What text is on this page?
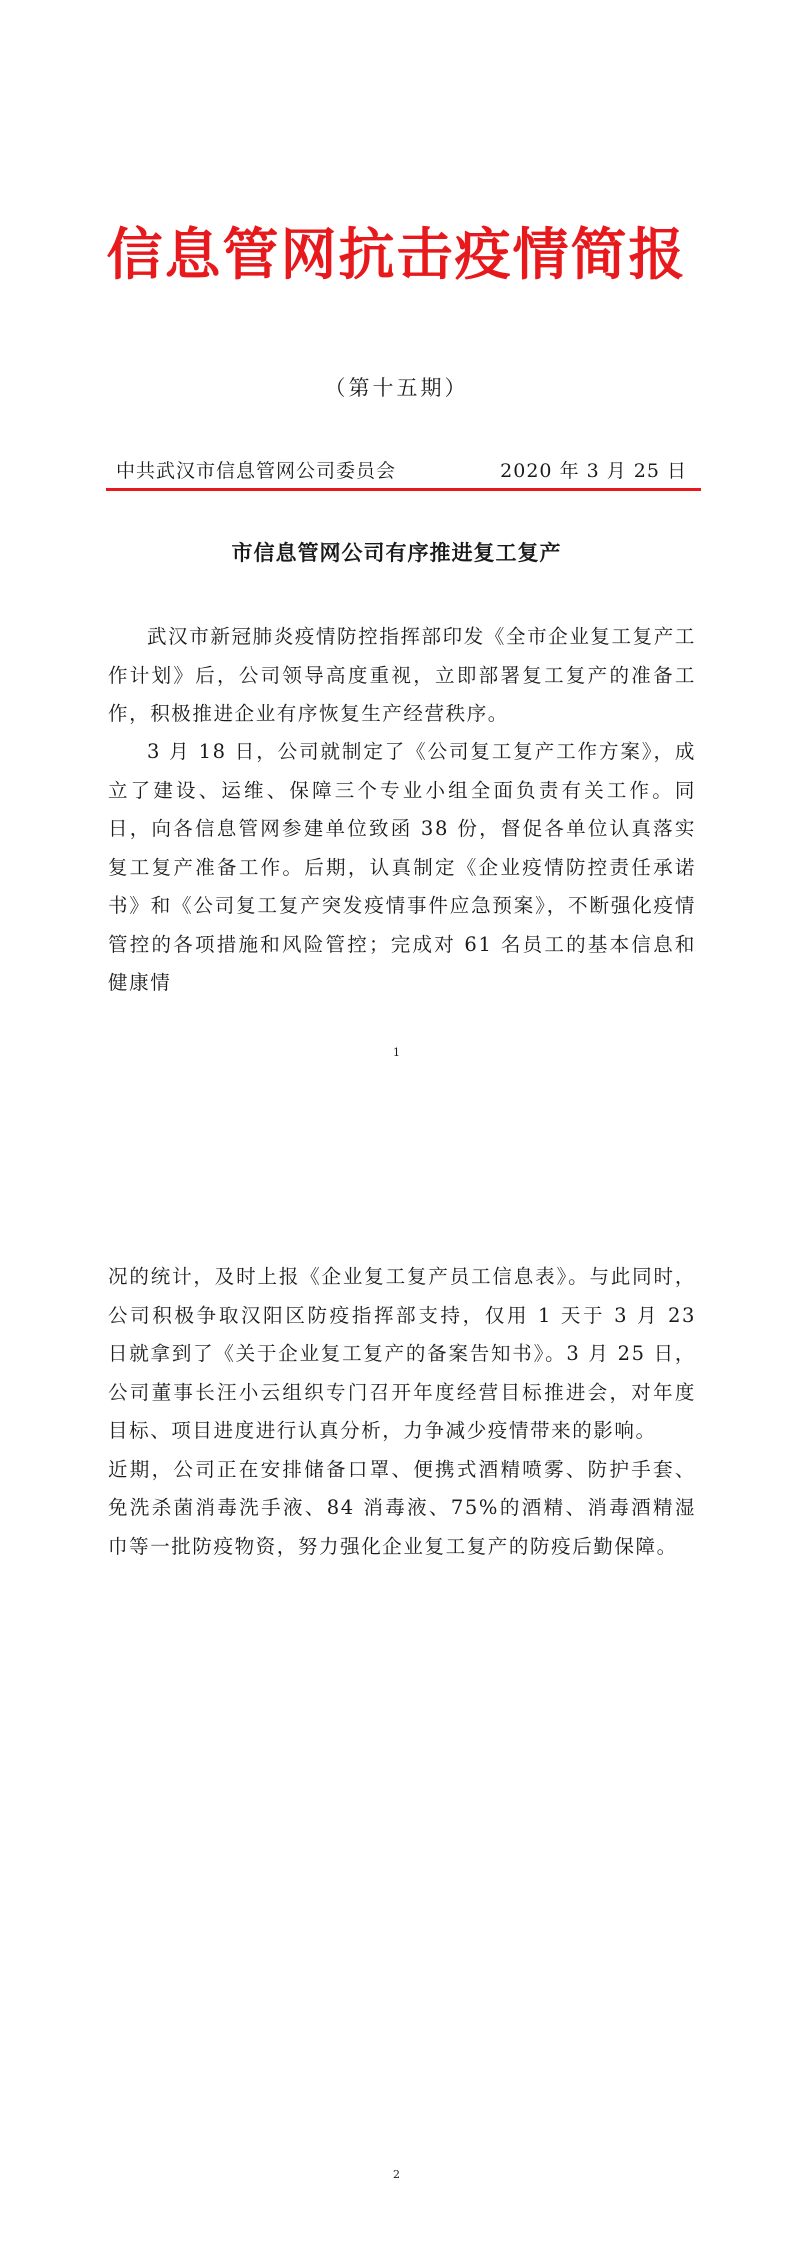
信息管网抗击疫情简报
（第十五期）
中共武汉市信息管网公司委员会	2020 年 3 月 25 日
市信息管网公司有序推进复工复产

武汉市新冠肺炎疫情防控指挥部印发《全市企业复工复产工作计划》后，公司领导高度重视，立即部署复工复产的准备工作，积极推进企业有序恢复生产经营秩序。

3 月 18 日，公司就制定了《公司复工复产工作方案》，成立了建设、运维、保障三个专业小组全面负责有关工作。同日，向各信息管网参建单位致函 38 份，督促各单位认真落实复工复产准备工作。后期，认真制定《企业疫情防控责任承诺书》和《公司复工复产突发疫情事件应急预案》，不断强化疫情管控的各项措施和风险管控；完成对 61 名员工的基本信息和健康情

1

况的统计，及时上报《企业复工复产员工信息表》。与此同时，公司积极争取汉阳区防疫指挥部支持，仅用 1 天于 3 月 23 日就拿到了《关于企业复工复产的备案告知书》。3 月 25 日，公司董事长汪小云组织专门召开年度经营目标推进会，对年度目标、项目进度进行认真分析，力争减少疫情带来的影响。

近期，公司正在安排储备口罩、便携式酒精喷雾、防护手套、免洗杀菌消毒洗手液、84 消毒液、75%的酒精、消毒酒精湿巾等一批防疫物资，努力强化企业复工复产的防疫后勤保障。

2
